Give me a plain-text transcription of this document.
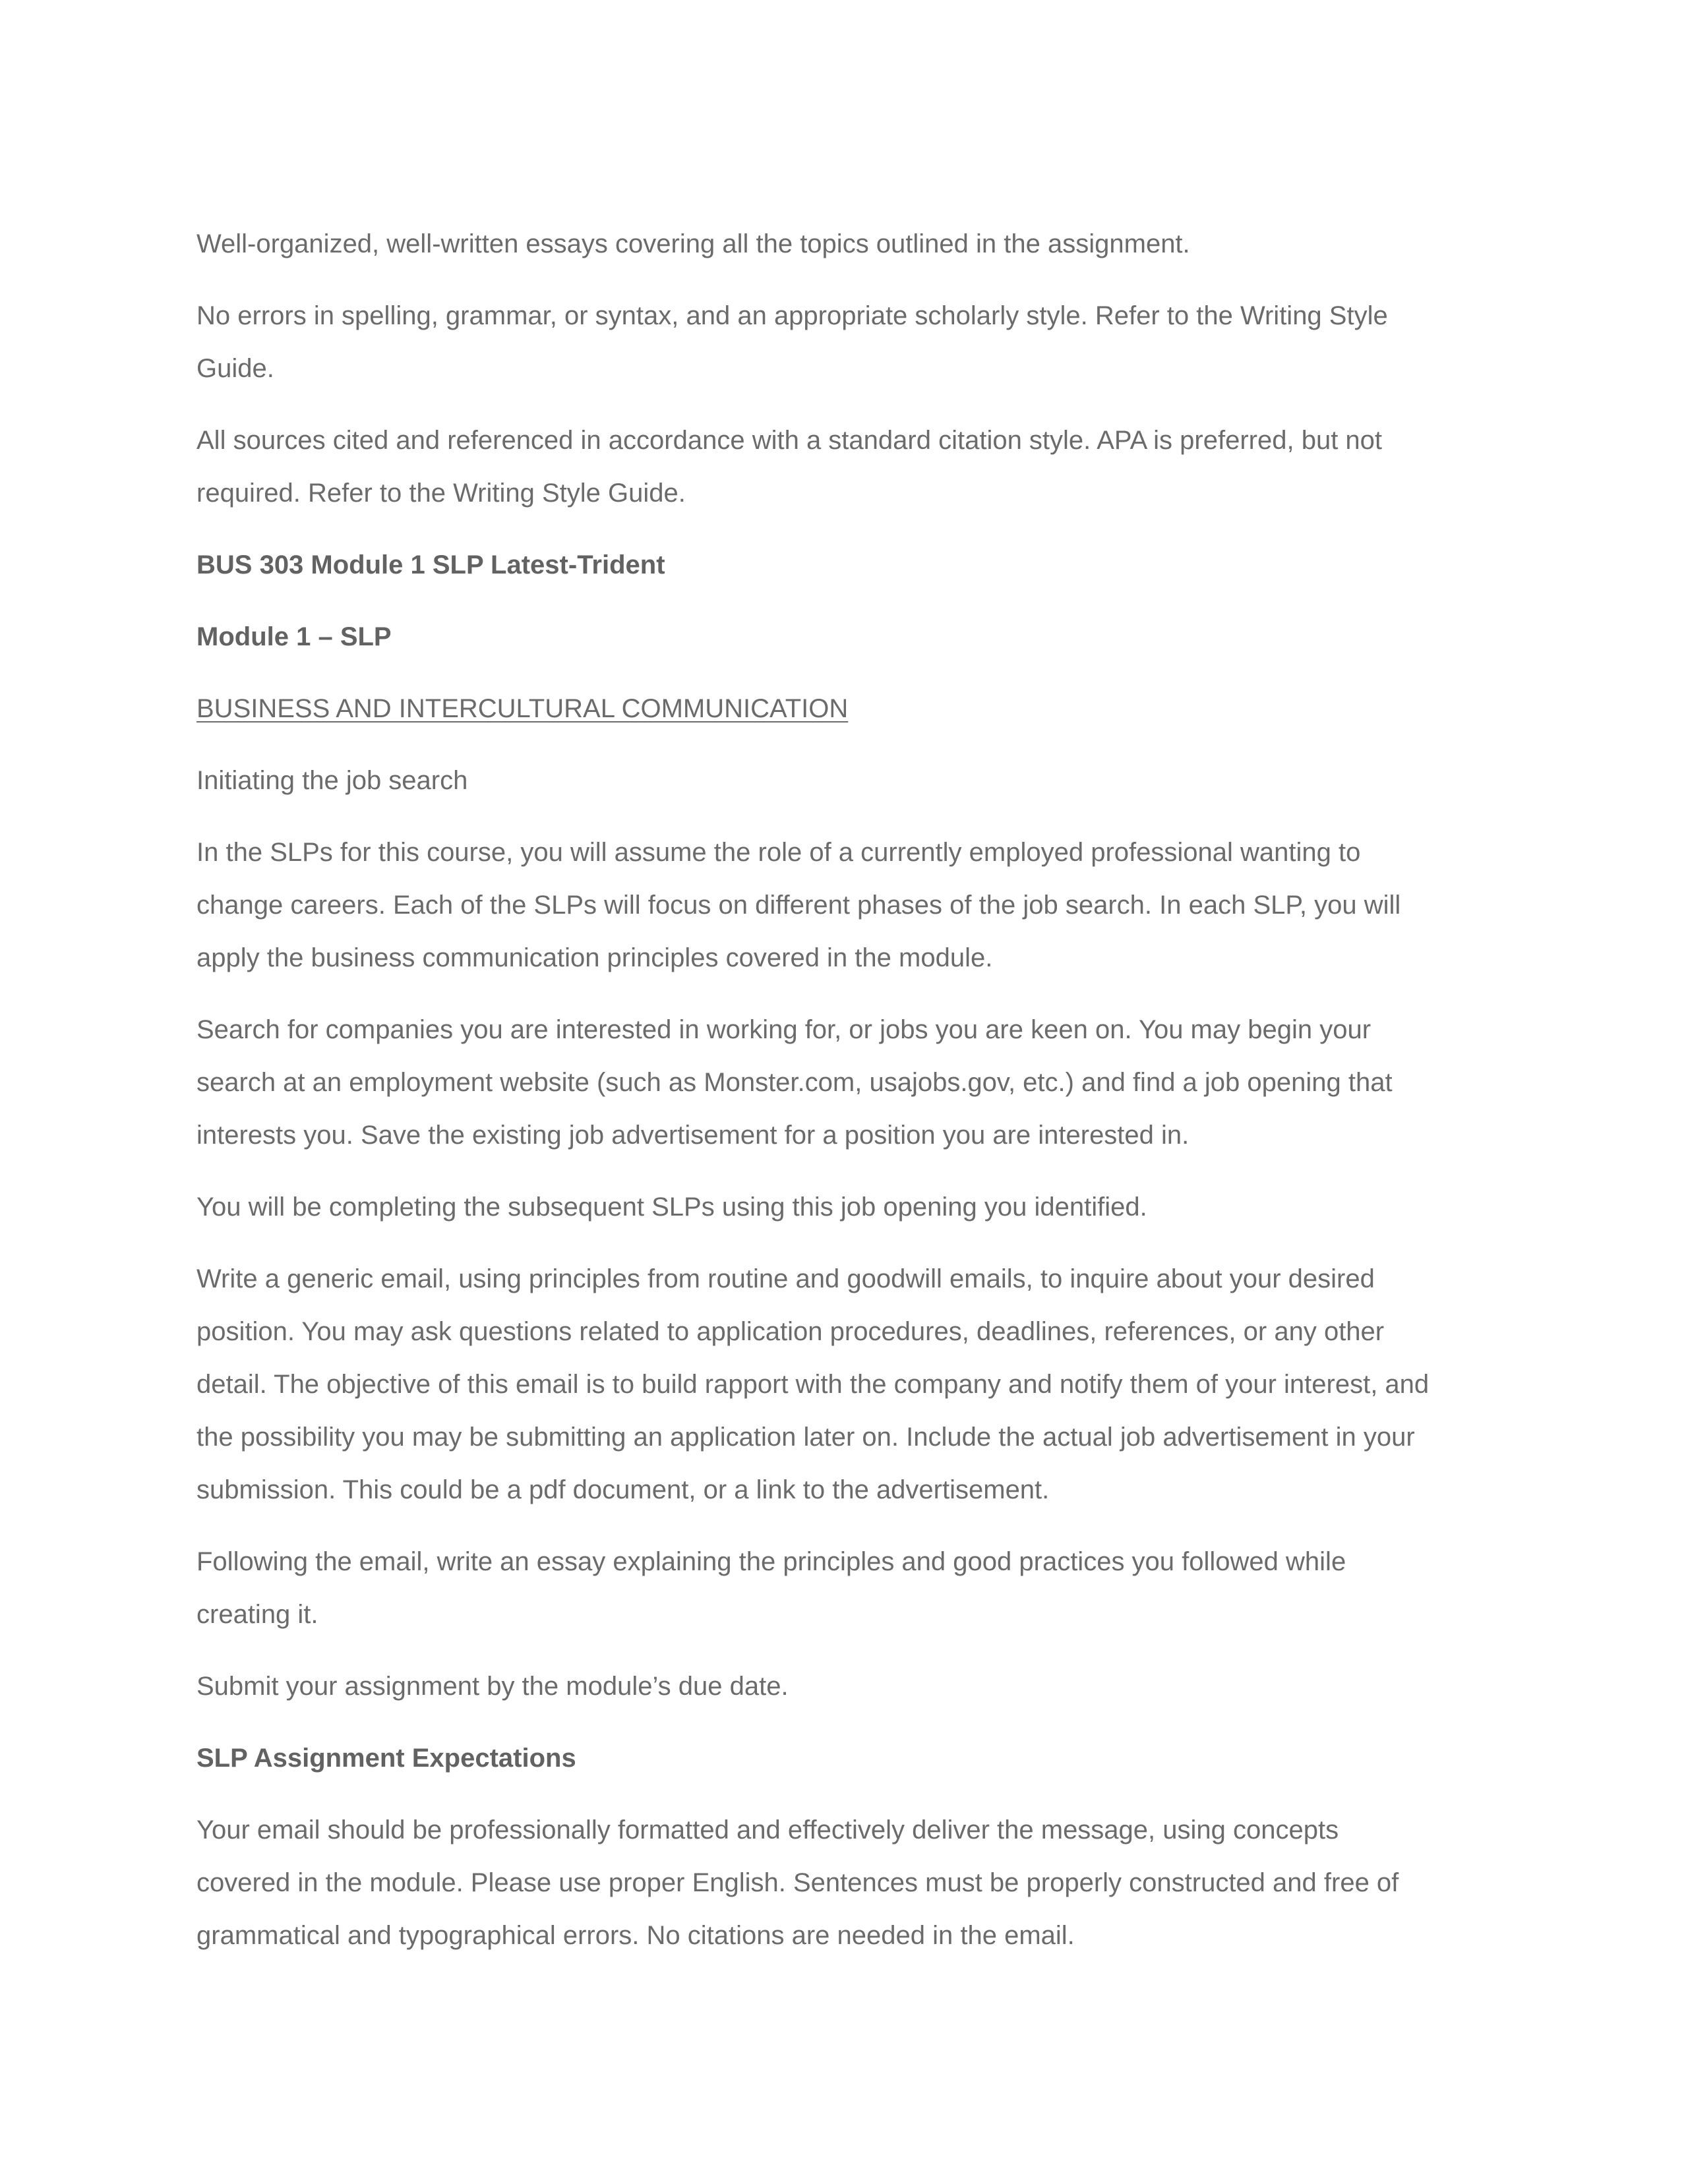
Well-organized, well-written essays covering all the topics outlined in the assignment.

No errors in spelling, grammar, or syntax, and an appropriate scholarly style. Refer to the Writing Style
Guide.

All sources cited and referenced in accordance with a standard citation style. APA is preferred, but not
required. Refer to the Writing Style Guide.

BUS 303 Module 1 SLP Latest-Trident

Module 1 – SLP

BUSINESS AND INTERCULTURAL COMMUNICATION

Initiating the job search

In the SLPs for this course, you will assume the role of a currently employed professional wanting to
change careers. Each of the SLPs will focus on different phases of the job search. In each SLP, you will
apply the business communication principles covered in the module.

Search for companies you are interested in working for, or jobs you are keen on. You may begin your
search at an employment website (such as Monster.com, usajobs.gov, etc.) and find a job opening that
interests you. Save the existing job advertisement for a position you are interested in.

You will be completing the subsequent SLPs using this job opening you identified.

Write a generic email, using principles from routine and goodwill emails, to inquire about your desired
position. You may ask questions related to application procedures, deadlines, references, or any other
detail. The objective of this email is to build rapport with the company and notify them of your interest, and
the possibility you may be submitting an application later on. Include the actual job advertisement in your
submission. This could be a pdf document, or a link to the advertisement.

Following the email, write an essay explaining the principles and good practices you followed while
creating it.

Submit your assignment by the module’s due date.

SLP Assignment Expectations

Your email should be professionally formatted and effectively deliver the message, using concepts
covered in the module. Please use proper English. Sentences must be properly constructed and free of
grammatical and typographical errors. No citations are needed in the email.
